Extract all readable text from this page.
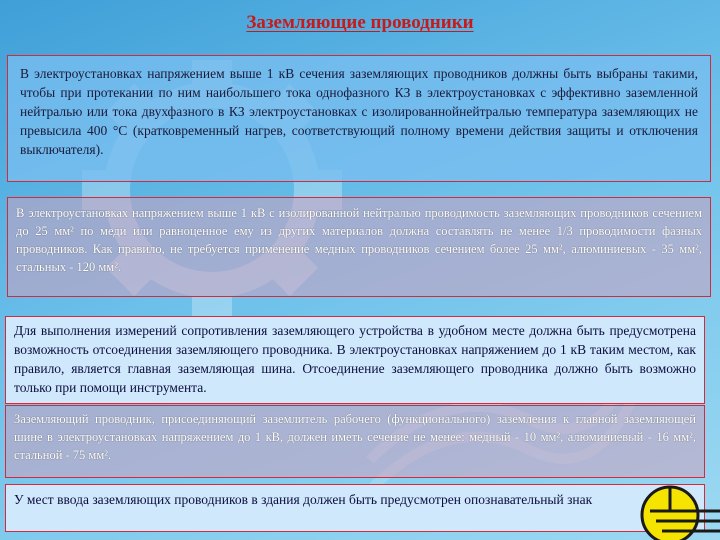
Заземляющие проводники
В электроустановках напряжением выше 1 кВ сечения заземляющих проводников должны быть выбраны такими, чтобы при протекании по ним наибольшего тока однофазного КЗ в электроустановках с эффективно заземленной нейтралью или тока двухфазного в КЗ электроустановках с изолированнойнейтралью температура заземляющих не превысила 400 °С (кратковременный нагрев, соответствующий полному времени действия защиты и отключения выключателя).
В электроустановках напряжением выше 1 кВ с изолированной нейтралью проводимость заземляющих проводников сечением до 25 мм² по меди или равноценное ему из других материалов должна составлять не менее 1/3 проводимости фазных проводников. Как правило, не требуется применение медных проводников сечением более 25 мм², алюминиевых - 35 мм², стальных - 120 мм².
Для выполнения измерений сопротивления заземляющего устройства в удобном месте должна быть предусмотрена возможность отсоединения заземляющего проводника. В электроустановках напряжением до 1 кВ таким местом, как правило, является главная заземляющая шина. Отсоединение заземляющего проводника должно быть возможно только при помощи инструмента.
Заземляющий проводник, присоединяющий заземлитель рабочего (функционального) заземления к главной заземляющей шине в электроустановках напряжением до 1 кВ, должен иметь сечение не менее: медный - 10 мм², алюминиевый - 16 мм², стальной - 75 мм².
У мест ввода заземляющих проводников в здания должен быть предусмотрен опознавательный знак
